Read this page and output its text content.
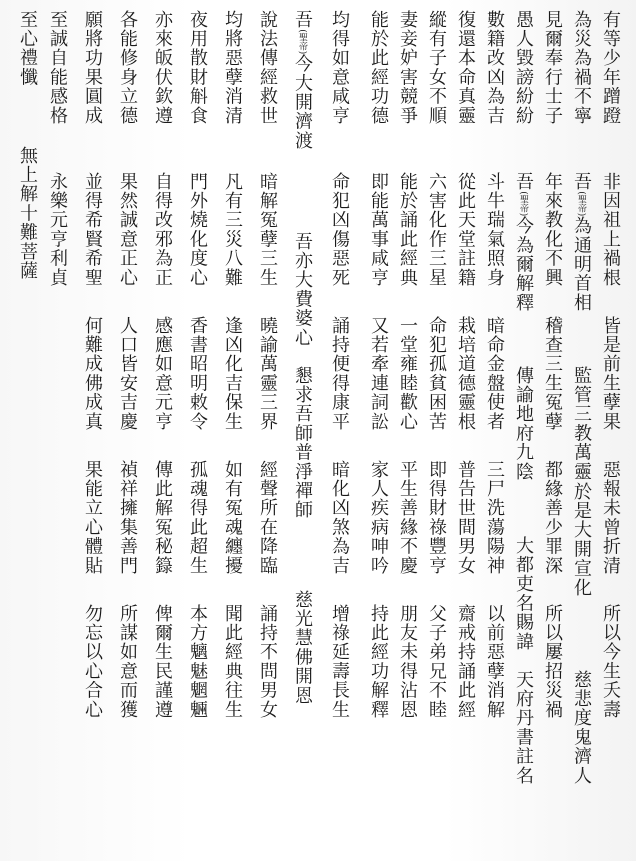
有等少年蹭蹬
非因祖上禍根
皆是前生孽果
惡報未曾折清
所以今生夭壽
為災為禍不寧
吾(聖帝)為通明首相
監管三教萬靈
於是大開宣化
慈悲度鬼濟人
見爾奉行士子
年來教化不興
稽查三生冤孽
都緣善少罪深
所以屢招災禍
愚人毀謗紛紛
吾(聖帝)今為爾解釋
傳諭地府九陰
大都吏名賜諱
天府丹書註名
數籍改凶為吉
斗牛瑞氣照身
暗命金盤使者
三尸洗蕩陽神
以前惡孽消解
復還本命真靈
從此天堂註籍
栽培道德靈根
普告世間男女
齋戒持誦此經
縱有子女不順
六害化作三星
命犯孤貧困苦
即得財祿豐亨
父子弟兄不睦
妻妾妒害競爭
能於誦此經典
一堂雍睦歡心
平生善緣不慶
朋友未得沾恩
能於此經功德
即能萬事咸亨
又若牽連詞訟
家人疾病呻吟
持此經功解釋
均得如意咸亨
命犯凶傷惡死
誦持便得康平
暗化凶煞為吉
增祿延壽長生
吾(聖帝)今大開濟渡
吾亦大費婆心
懇求吾師普淨禪師
慈光慧佛開恩
說法傳經救世
暗解冤孽三生
曉諭萬靈三界
經聲所在降臨
誦持不問男女
均將惡孽消清
凡有三災八難
逢凶化吉保生
如有冤魂纏擾
聞此經典往生
夜用散財斛食
門外燒化度心
香書昭明敕令
孤魂得此超生
本方魑魅魍魎
亦來皈伏欽遵
自得改邪為正
感應如意元亨
傳此解冤秘籙
俾爾生民謹遵
各能修身立德
果然誠意正心
人口皆安吉慶
禎祥擁集善門
所謀如意而獲
願將功果圓成
並得希賢希聖
何難成佛成真
果能立心體貼
勿忘以心合心
至誠自能感格
永樂元亨利貞
至心禮懺
無上解十難菩薩
